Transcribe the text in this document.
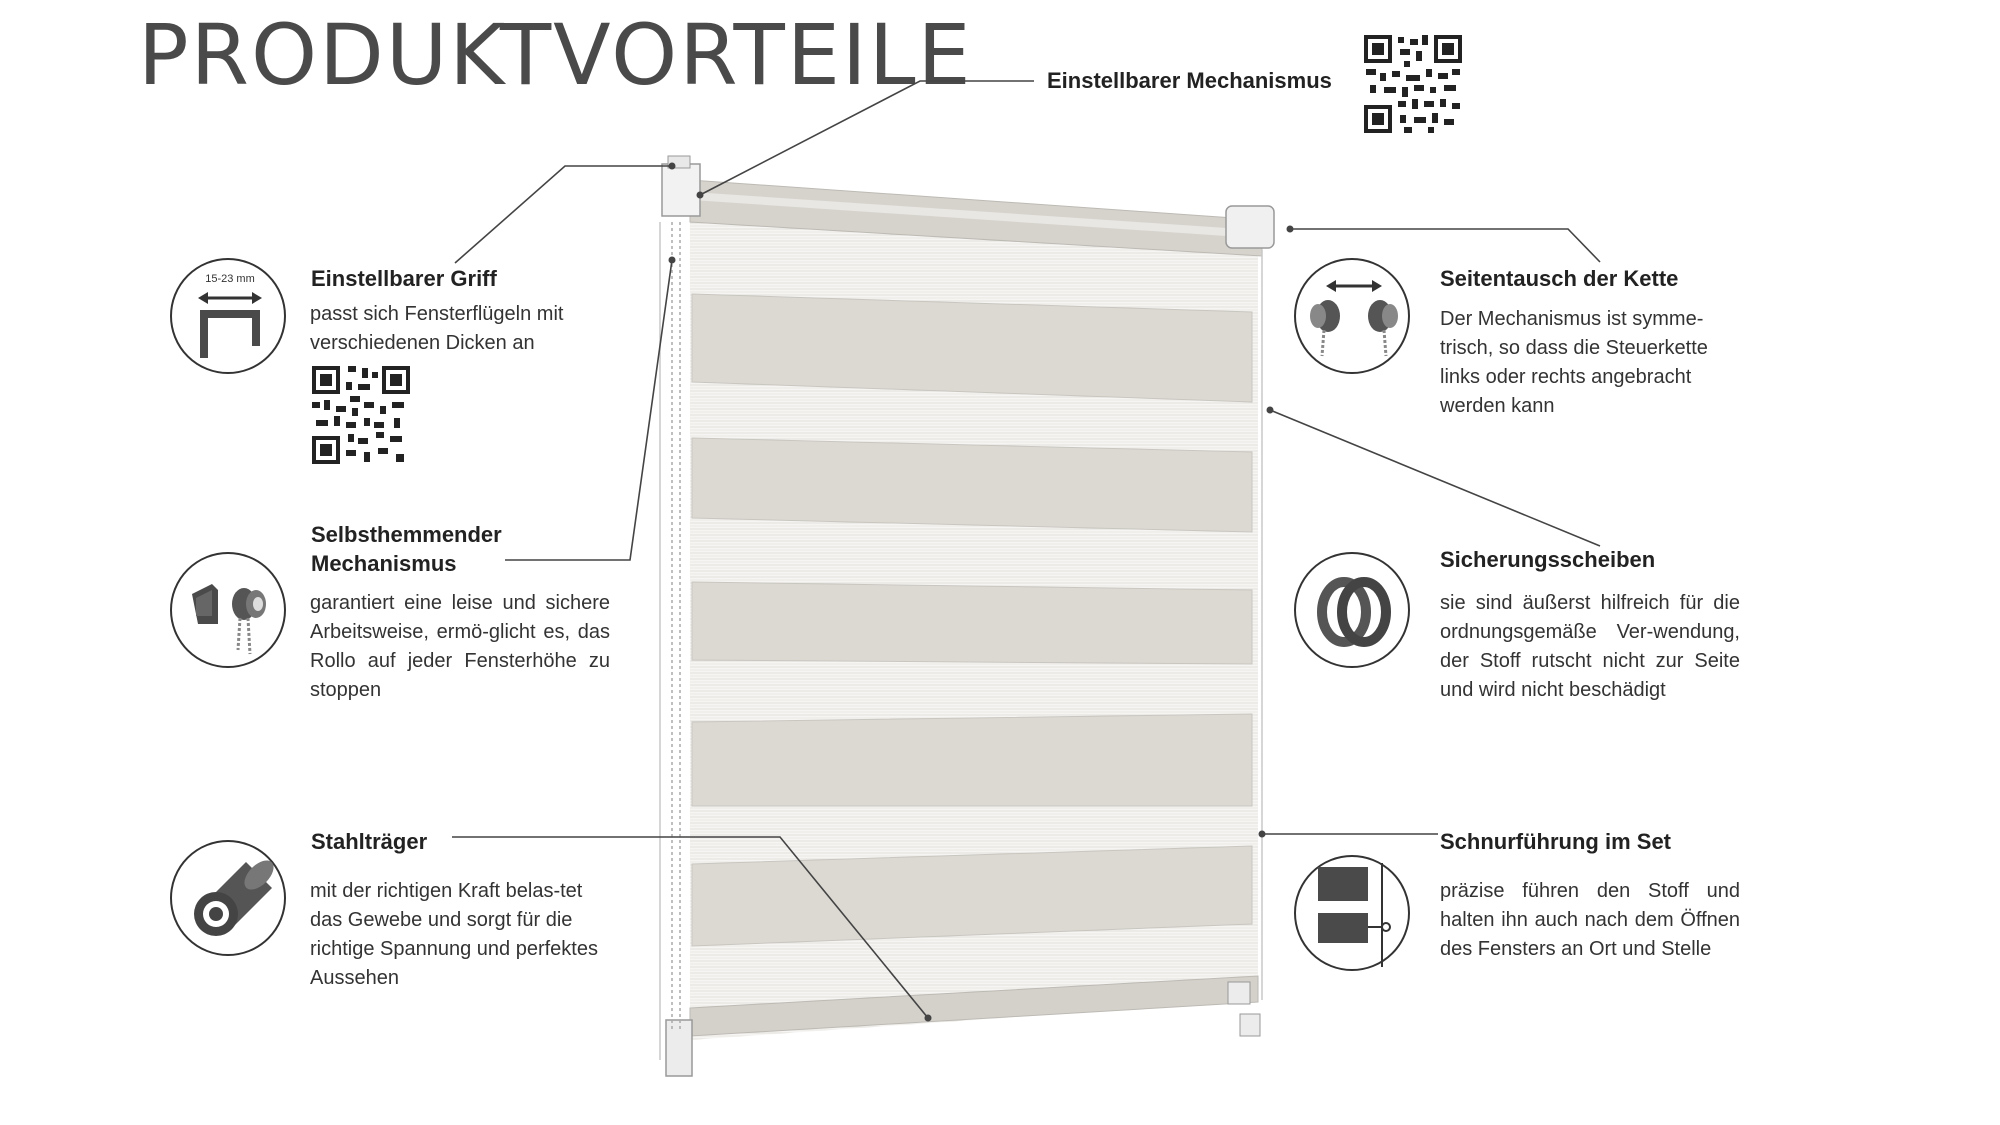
PRODUKTVORTEILE	Einstellbarer Mechanismus
15-23 mm	Einstellbarer Griff
passt sich Fensterflügeln mit verschiedenen Dicken an
Selbsthemmender
Mechanismus
garantiert eine leise und sichere Arbeitsweise, ermö-glicht es, das Rollo auf jeder Fensterhöhe zu stoppen
Stahlträger
mit der richtigen Kraft belas-tet das Gewebe und sorgt für die richtige Spannung und perfektes Aussehen
Seitentausch der Kette
Der Mechanismus ist symme-trisch, so dass die Steuerkette links oder rechts angebracht werden kann
Sicherungsscheiben
sie sind äußerst hilfreich für die ordnungsgemäße Ver-wendung, der Stoff rutscht nicht zur Seite und wird nicht beschädigt
Schnurführung im Set
präzise führen den Stoff und halten ihn auch nach dem Öffnen des Fensters an Ort und Stelle
